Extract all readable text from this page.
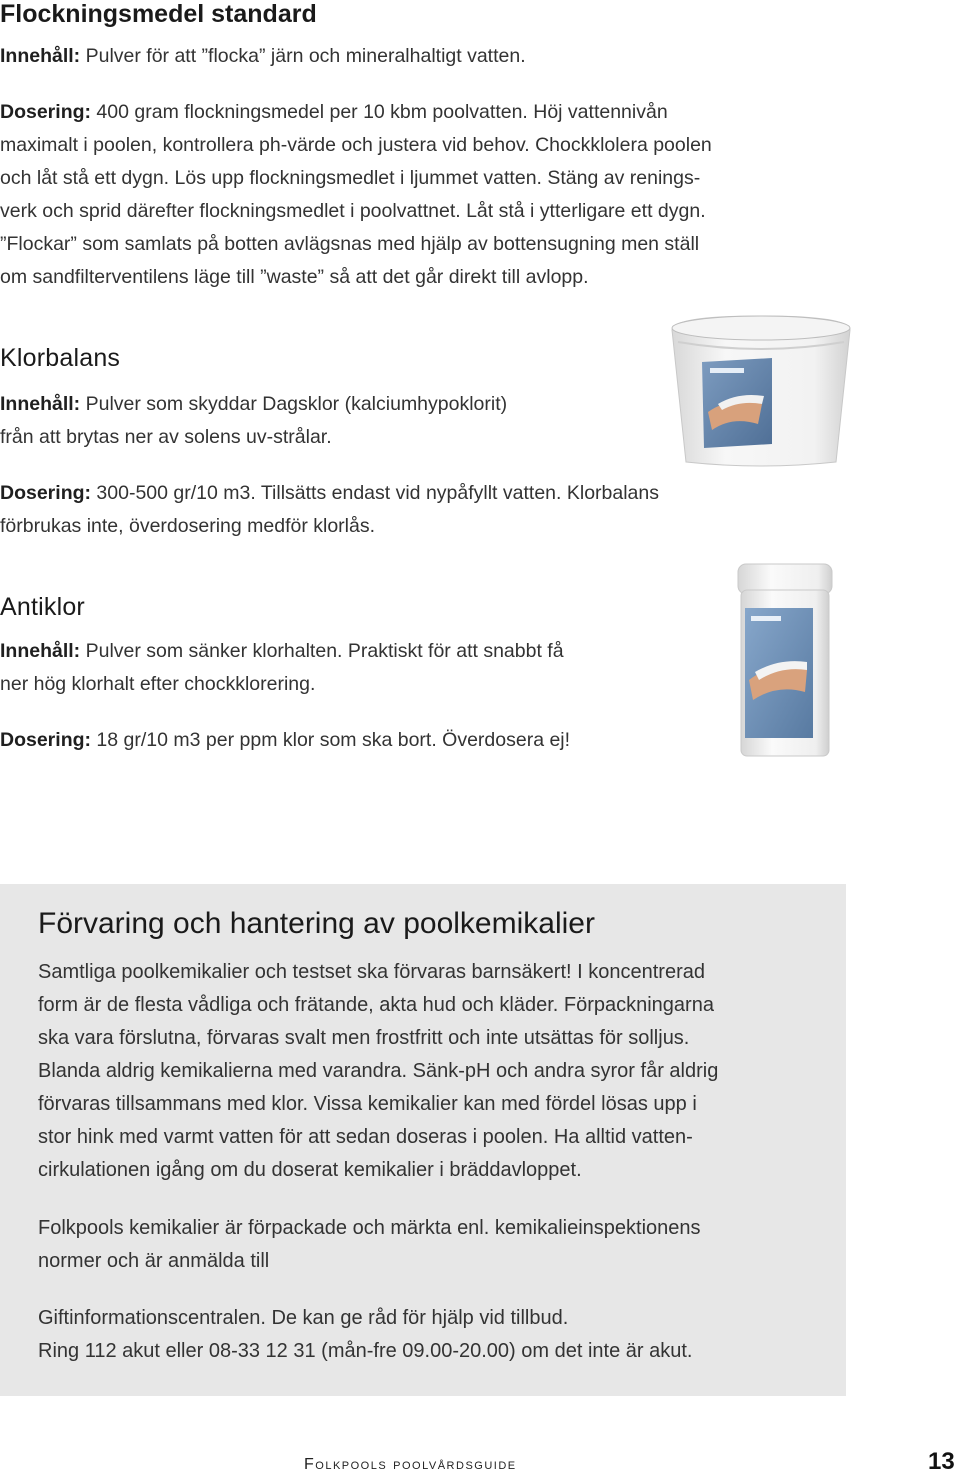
Flockningsmedel standard
Innehåll: Pulver för att ”flocka” järn och mineralhaltigt vatten.
Dosering: 400 gram flockningsmedel per 10 kbm poolvatten. Höj vattennivån
maximalt i poolen, kontrollera ph-värde och justera vid behov. Chockklolera poolen
och låt stå ett dygn. Lös upp flockningsmedlet i ljummet vatten. Stäng av renings-
verk och sprid därefter flockningsmedlet i poolvattnet. Låt stå i ytterligare ett dygn.
”Flockar” som samlats på botten avlägsnas med hjälp av bottensugning men ställ
om sandfilterventilens läge till ”waste” så att det går direkt till avlopp.
Klorbalans
Innehåll: Pulver som skyddar Dagsklor (kalciumhypoklorit)
från att brytas ner av solens uv-strålar.
Dosering: 300-500 gr/10 m3. Tillsätts endast vid nypåfyllt vatten. Klorbalans
förbrukas inte, överdosering medför klorlås.
Antiklor
Innehåll: Pulver som sänker klorhalten. Praktiskt för att snabbt få
ner hög klorhalt efter chockklorering.
Dosering: 18 gr/10 m3 per ppm klor som ska bort. Överdosera ej!
Förvaring och hantering av poolkemikalier
Samtliga poolkemikalier och testset ska förvaras barnsäkert! I koncentrerad
form är de flesta vådliga och frätande, akta hud och kläder. Förpackningarna
ska vara förslutna, förvaras svalt men frostfritt och inte utsättas för solljus.
Blanda aldrig kemikalierna med varandra. Sänk-pH och andra syror får aldrig
förvaras tillsammans med klor. Vissa kemikalier kan med fördel lösas upp i
stor hink med varmt vatten för att sedan doseras i poolen. Ha alltid vatten-
cirkulationen igång om du doserat kemikalier i bräddavloppet.
Folkpools kemikalier är förpackade och märkta enl. kemikalieinspektionens
normer och är anmälda till
Giftinformationscentralen. De kan ge råd för hjälp vid tillbud.
Ring 112 akut eller 08-33 12 31 (mån-fre 09.00-20.00) om det inte är akut.
Folkpools poolvårdsguide	13
